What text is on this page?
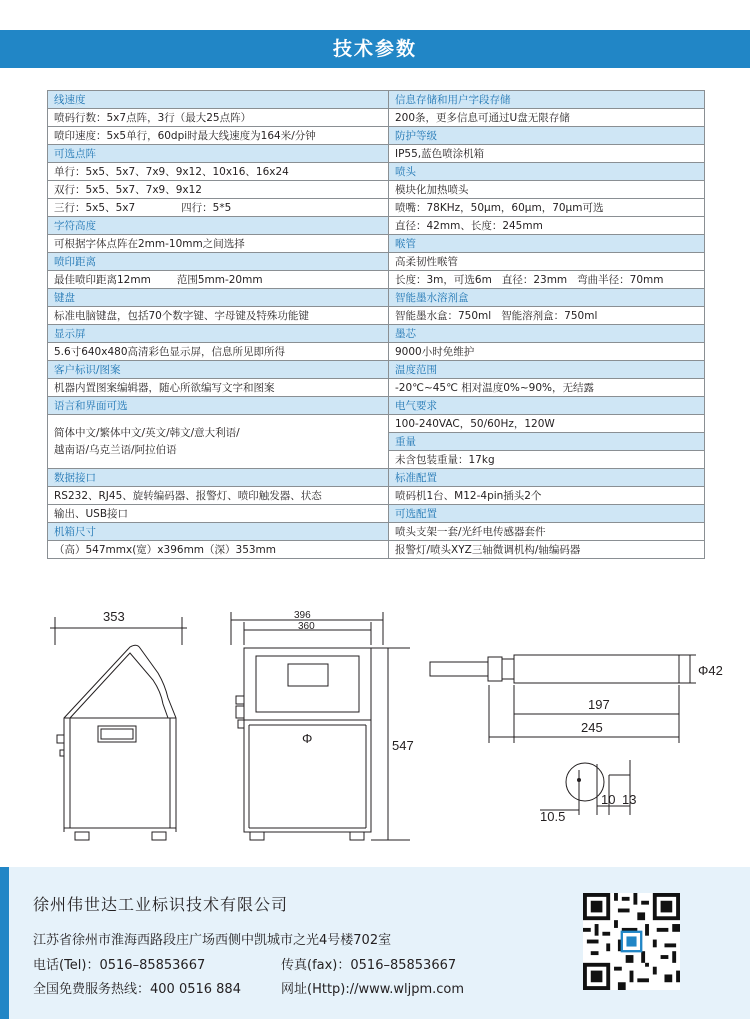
技术参数
线速度	信息存储和用户字段存储
喷码行数：5x7点阵，3行（最大25点阵）	200条，更多信息可通过U盘无限存储
喷印速度：5x5单行，60dpi时最大线速度为164米/分钟	防护等级
可选点阵	IP55,蓝色喷涂机箱
单行：5x5、5x7、7x9、9x12、10x16、16x24	喷头
双行：5x5、5x7、7x9、9x12	模块化加热喷头
三行：5x5、5x7 四行：5*5	喷嘴：78KHz，50μm，60μm，70μm可选
字符高度	直径：42mm、长度：245mm
可根据字体点阵在2mm-10mm之间选择	喉管
喷印距离	高柔韧性喉管
最佳喷印距离12mm 范围5mm-20mm	长度：3m，可选6m 直径：23mm 弯曲半径：70mm
键盘	智能墨水溶剂盒
标准电脑键盘，包括70个数字键、字母键及特殊功能键	智能墨水盒：750ml 智能溶剂盒：750ml
显示屏	墨芯
5.6寸640x480高清彩色显示屏，信息所见即所得	9000小时免维护
客户标识/图案	温度范围
机器内置图案编辑器，随心所欲编写文字和图案	-20℃~45℃ 相对温度0%~90%，无结露
语言和界面可选	电气要求
简体中文/繁体中文/英文/韩文/意大利语/
越南语/乌克兰语/阿拉伯语	100-240VAC，50/60Hz，120W
	重量
	未含包装重量：17kg
数据接口	标准配置
RS232、RJ45、旋转编码器、报警灯、喷印触发器、状态	喷码机1台、M12-4pin插头2个
输出、USB接口	可选配置
机箱尺寸	喷头支架一套/光纤电传感器套件
（高）547mmx(宽）x396mm（深）353mm	报警灯/喷头XYZ三轴微调机构/轴编码器
353	396
360
547
Φ
Φ42
197
245
10.5
10 13
徐州伟世达工业标识技术有限公司
江苏省徐州市淮海西路段庄广场西侧中凯城市之光4号楼702室
电话(Tel)：0516–85853667	传真(fax)：0516–85853667
全国免费服务热线：400 0516 884	网址(Http)://www.wljpm.com
